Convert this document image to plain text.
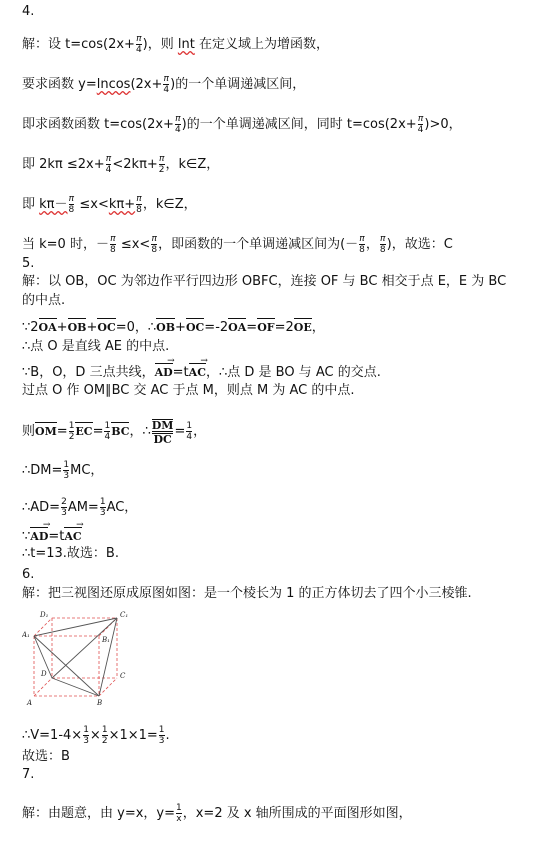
4.
解：设 $t=\cos(2x+ \frac{\pi}{4}$ )，则 lnt 在定义域上为增函数，
要求函数 $y=lncos(2x+ \frac{\pi}{4}$ )的一个单调递减区间，
即求函数函数 $t=\cos(2x+ \frac{\pi}{4}$ )的一个单调递减区间，同时 $t=\cos(2x+ \frac{\pi}{4} )>0$，
即 $2k\pi \le 2x+ \frac{\pi}{4} <2k\pi+ \frac{\pi}{2}$ ，k∈Z，
即 $k\pi- \frac{\pi}{8} \le x<k\pi+ \frac{\pi}{8}$ ，k∈Z，
当 k=0 时，－ $\frac{\pi}{8} \le x< \frac{\pi}{8}$ ，即函数的一个单调递减区间为(－ $\frac{\pi}{8}$ ， $\frac{\pi}{8}$ )，故选：C
5.
解：以 OB，OC 为邻边作平行四边形 OBFC，连接 OF 与 BC 相交于点 E，E 为 BC
的中点.
∵2OA+OB+OC=0，∴OB+OC=-2OA=OF=2OE，
∴点 O 是直线 AE 的中点.
∵B，O，D 三点共线，AD →=tAC →，∴点 D 是 BO 与 AC 的交点.
过点 O 作 OM∥BC 交 AC 于点 M，则点 M 为 AC 的中点.
则$OM= \frac{1}{2} EC= \frac{1}{4}$ BC，∴ $\frac{DM}{DC} = \frac{1}{4}$ ，
∴DM= $\frac{1}{3}$ MC，
∴AD= $\frac{2}{3} AM= \frac{1}{3}$ AC，
∵AD →=tAC →
∴t=13.故选：B.
6.
解：把三视图还原成原图如图：是一个棱长为 1 的正方体切去了四个小三棱锥.
D₁
A₁
C₁
B₁
D	C
A	B
∴V=1-4× $\frac{1}{3} \times \frac{1}{2} \times 1\times 1= \frac{1}{3}$ .
故选：B
7.
解：由题意，由 y=x，$y= \frac{1}{x}$ ，x=2 及 x 轴所围成的平面图形如图，
